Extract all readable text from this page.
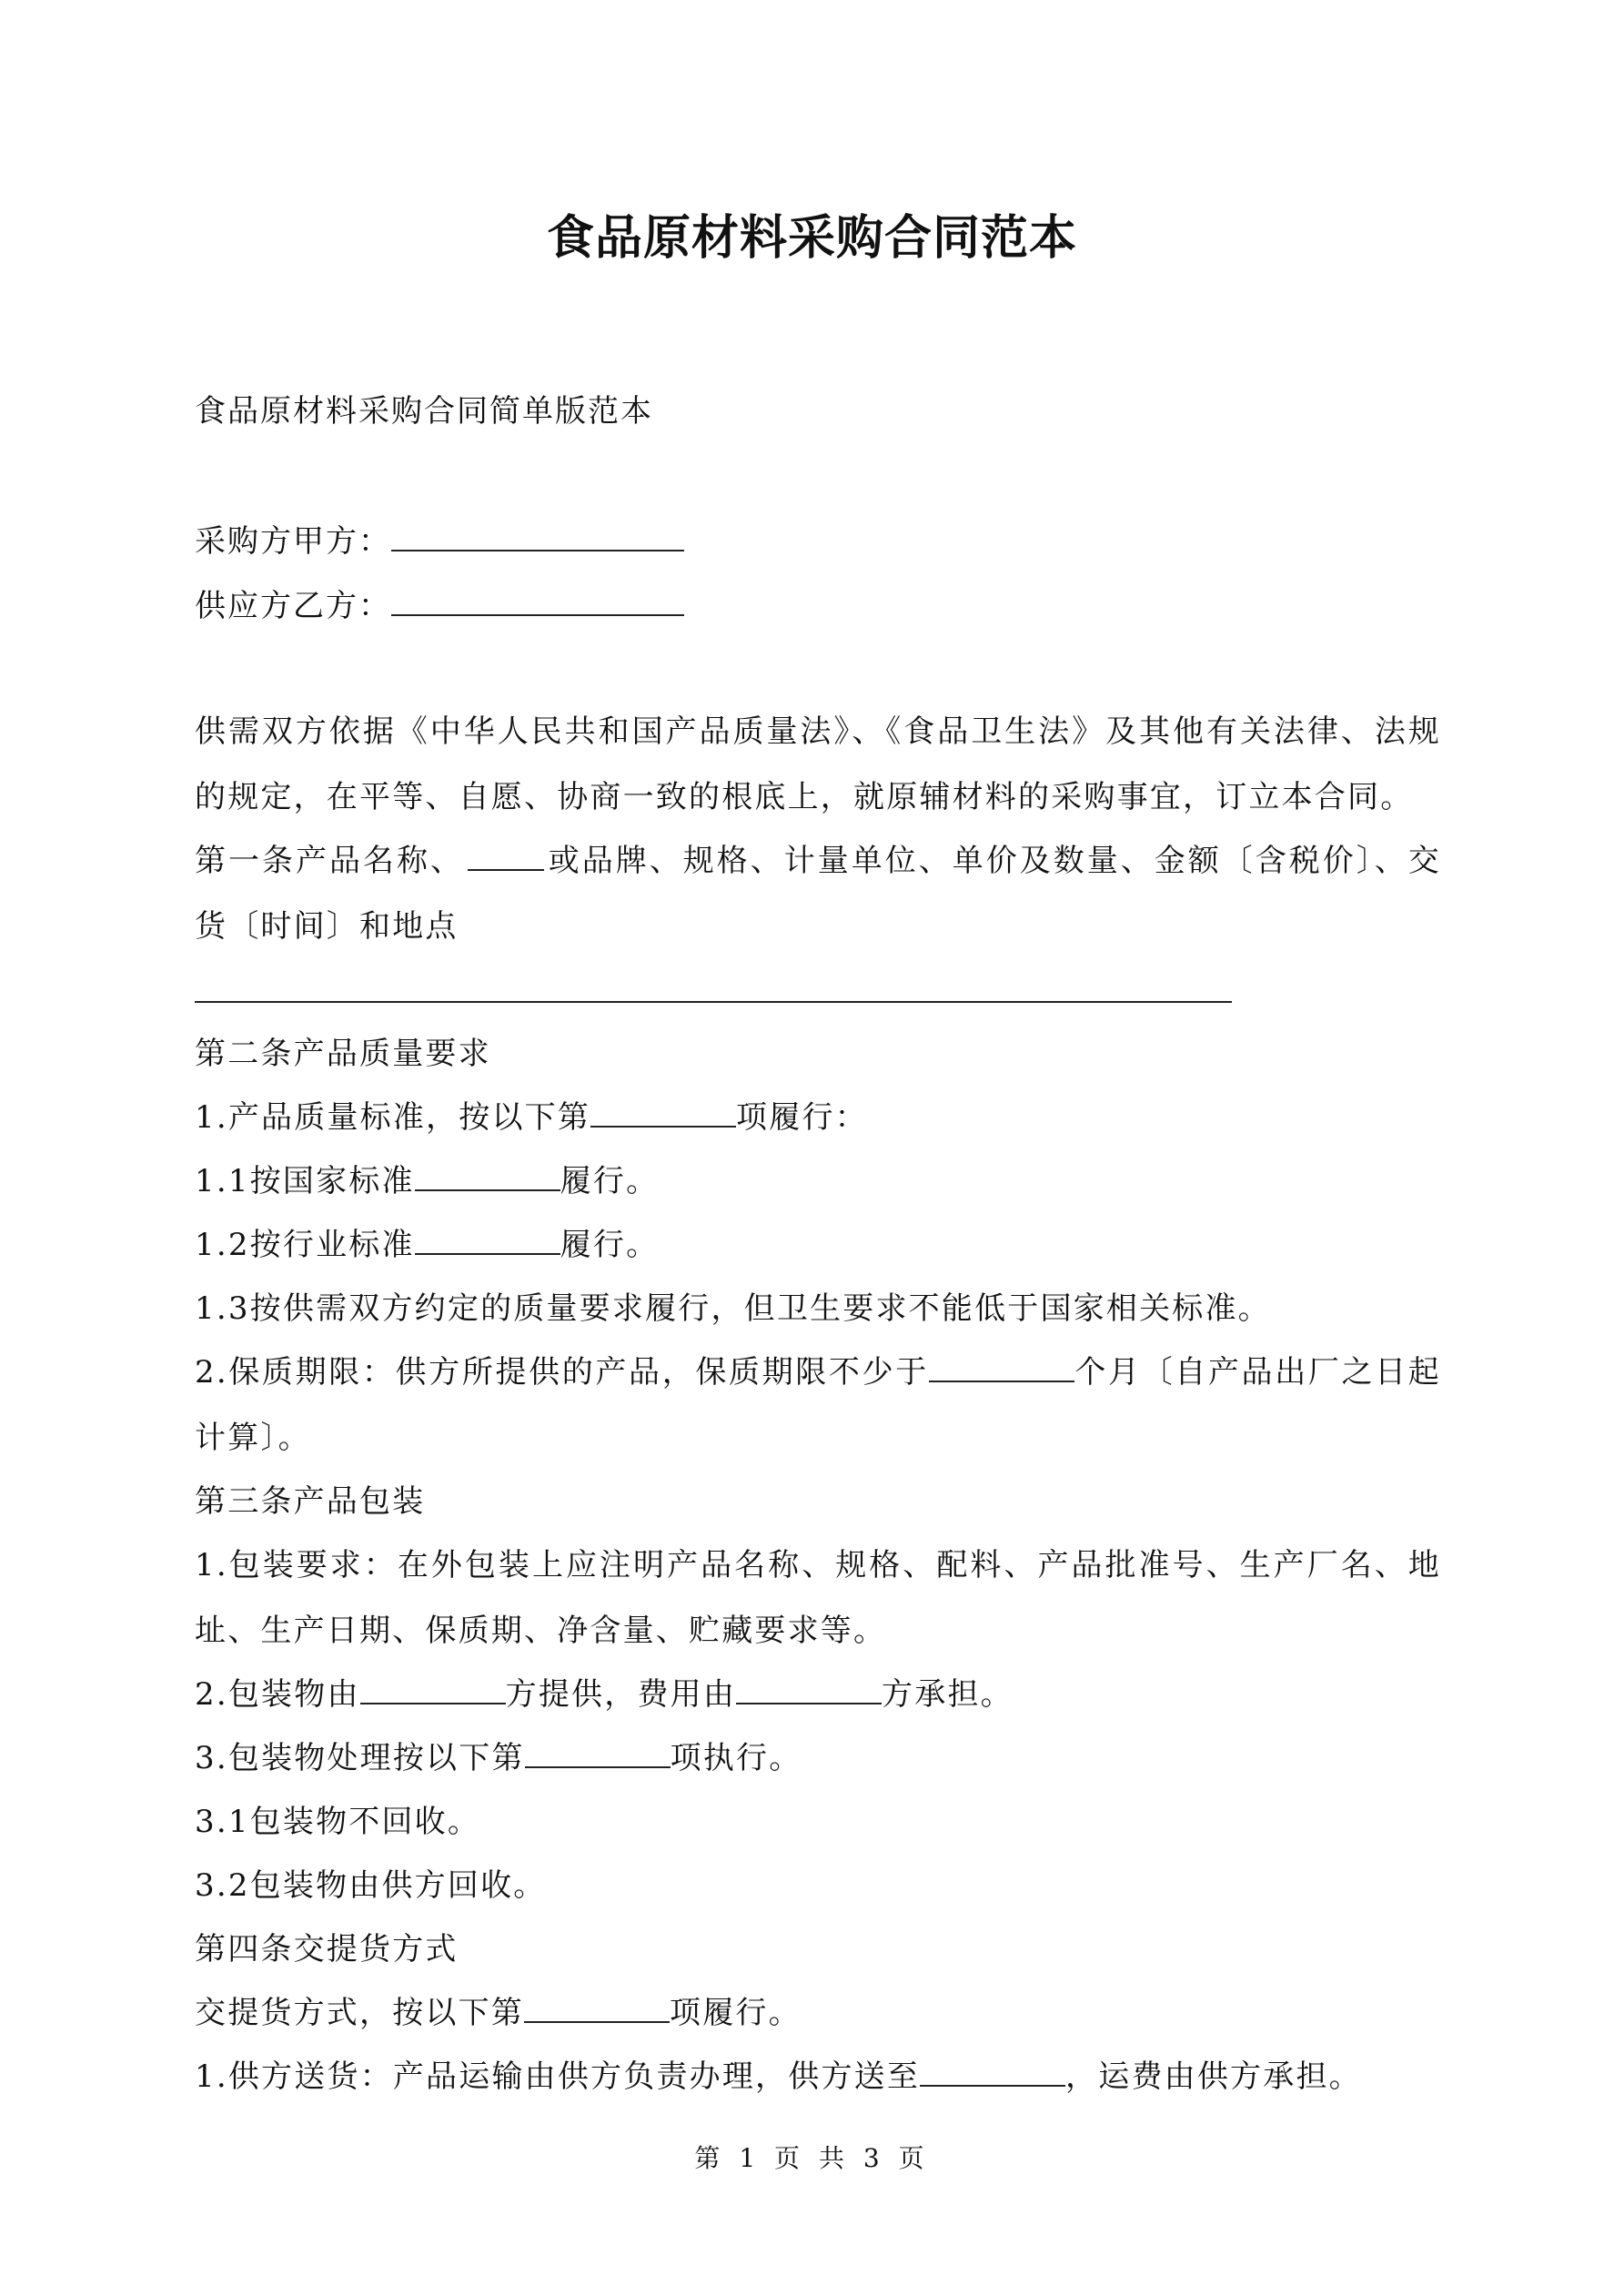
食品原材料采购合同范本
食品原材料采购合同简单版范本
采购方甲方：
供应方乙方：
供需双方依据《中华人民共和国产品质量法》、《食品卫生法》及其他有关法律、法规的规定，在平等、自愿、协商一致的根底上，就原辅材料的采购事宜，订立本合同。
第一条产品名称、	或品牌、规格、计量单位、单价及数量、金额〔含税价〕、交货〔时间〕和地点
第二条产品质量要求
1.产品质量标准，按以下第	项履行：
1.1按国家标准	履行。
1.2按行业标准	履行。
1.3按供需双方约定的质量要求履行，但卫生要求不能低于国家相关标准。
2.保质期限：供方所提供的产品，保质期限不少于	个月〔自产品出厂之日起计算〕。
第三条产品包装
1.包装要求：在外包装上应注明产品名称、规格、配料、产品批准号、生产厂名、地址、生产日期、保质期、净含量、贮藏要求等。
2.包装物由	方提供，费用由	方承担。
3.包装物处理按以下第	项执行。
3.1包装物不回收。
3.2包装物由供方回收。
第四条交提货方式
交提货方式，按以下第	项履行。
1.供方送货：产品运输由供方负责办理，供方送至	，运费由供方承担。
第 1 页 共 3 页
